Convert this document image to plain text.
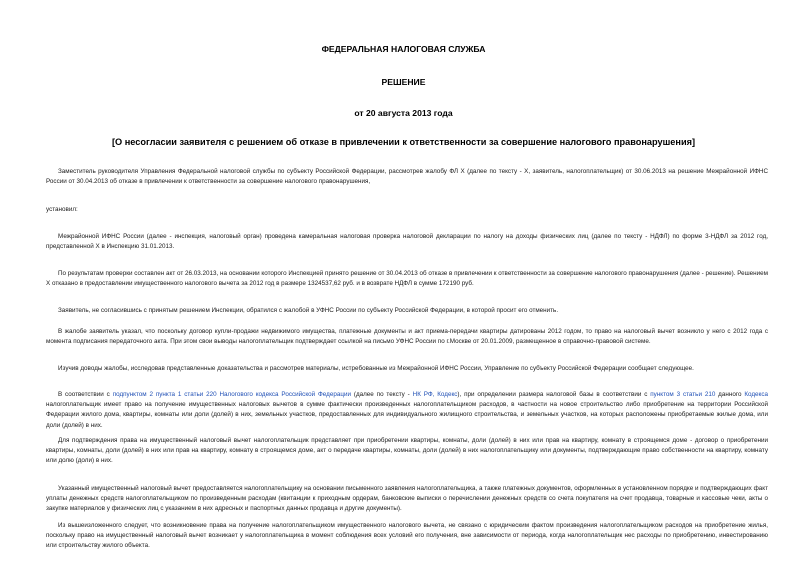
ФЕДЕРАЛЬНАЯ НАЛОГОВАЯ СЛУЖБА
РЕШЕНИЕ
от 20 августа 2013 года
[О несогласии заявителя с решением об отказе в привлечении к ответственности за совершение налогового правонарушения]
Заместитель руководителя Управления Федеральной налоговой службы по субъекту Российской Федерации, рассмотрев жалобу ФЛ Х (далее по тексту - Х, заявитель, налогоплательщик) от 30.06.2013 на решение Межрайонной ИФНС России от 30.04.2013 об отказе в привлечении к ответственности за совершение налогового правонарушения,
установил:
Межрайонной ИФНС России (далее - инспекция, налоговый орган) проведена камеральная налоговая проверка налоговой декларации по налогу на доходы физических лиц (далее по тексту - НДФЛ) по форме 3-НДФЛ за 2012 год, представленной Х в Инспекцию 31.01.2013.
По результатам проверки составлен акт от 26.03.2013, на основании которого Инспекцией принято решение от 30.04.2013 об отказе в привлечении к ответственности за совершение налогового правонарушения (далее - решение). Решением Х отказано в предоставлении имущественного налогового вычета за 2012 год в размере 1324537,62 руб. и в возврате НДФЛ в сумме 172190 руб.
Заявитель, не согласившись с принятым решением Инспекции, обратился с жалобой в УФНС России по субъекту Российской Федерации, в которой просит его отменить.
В жалобе заявитель указал, что поскольку договор купли-продажи недвижимого имущества, платежные документы и акт приема-передачи квартиры датированы 2012 годом, то право на налоговый вычет возникло у него с 2012 года с момента подписания передаточного акта. При этом свои выводы налогоплательщик подтверждает ссылкой на письмо УФНС России по г.Москве от 20.01.2009, размещенное в справочно-правовой системе.
Изучив доводы жалобы, исследовав представленные доказательства и рассмотрев материалы, истребованные из Межрайонной ИФНС России, Управление по субъекту Российской Федерации сообщает следующее.
В соответствии с подпунктом 2 пункта 1 статьи 220 Налогового кодекса Российской Федерации (далее по тексту - НК РФ, Кодекс), при определении размера налоговой базы в соответствии с пунктом 3 статьи 210 данного Кодекса налогоплательщик имеет право на получение имущественных налоговых вычетов в сумме фактически произведенных налогоплательщиком расходов, в частности на новое строительство либо приобретение на территории Российской Федерации жилого дома, квартиры, комнаты или доли (долей) в них, земельных участков, предоставленных для индивидуального жилищного строительства, и земельных участков, на которых расположены приобретаемые жилые дома, или доли (долей) в них.
Для подтверждения права на имущественный налоговый вычет налогоплательщик представляет при приобретении квартиры, комнаты, доли (долей) в них или прав на квартиру, комнату в строящемся доме - договор о приобретении квартиры, комнаты, доли (долей) в них или прав на квартиру, комнату в строящемся доме, акт о передаче квартиры, комнаты, доли (долей) в них налогоплательщику или документы, подтверждающие право собственности на квартиру, комнату или долю (доли) в них.
Указанный имущественный налоговый вычет предоставляется налогоплательщику на основании письменного заявления налогоплательщика, а также платежных документов, оформленных в установленном порядке и подтверждающих факт уплаты денежных средств налогоплательщиком по произведенным расходам (квитанции к приходным ордерам, банковские выписки о перечислении денежных средств со счета покупателя на счет продавца, товарные и кассовые чеки, акты о закупке материалов у физических лиц с указанием в них адресных и паспортных данных продавца и другие документы).
Из вышеизложенного следует, что возникновение права на получение налогоплательщиком имущественного налогового вычета, не связано с юридическим фактом произведения налогоплательщиком расходов на приобретение жилья, поскольку право на имущественный налоговый вычет возникает у налогоплательщика в момент соблюдения всех условий его получения, вне зависимости от периода, когда налогоплательщик нес расходы по приобретению, инвестированию или строительству жилого объекта.
